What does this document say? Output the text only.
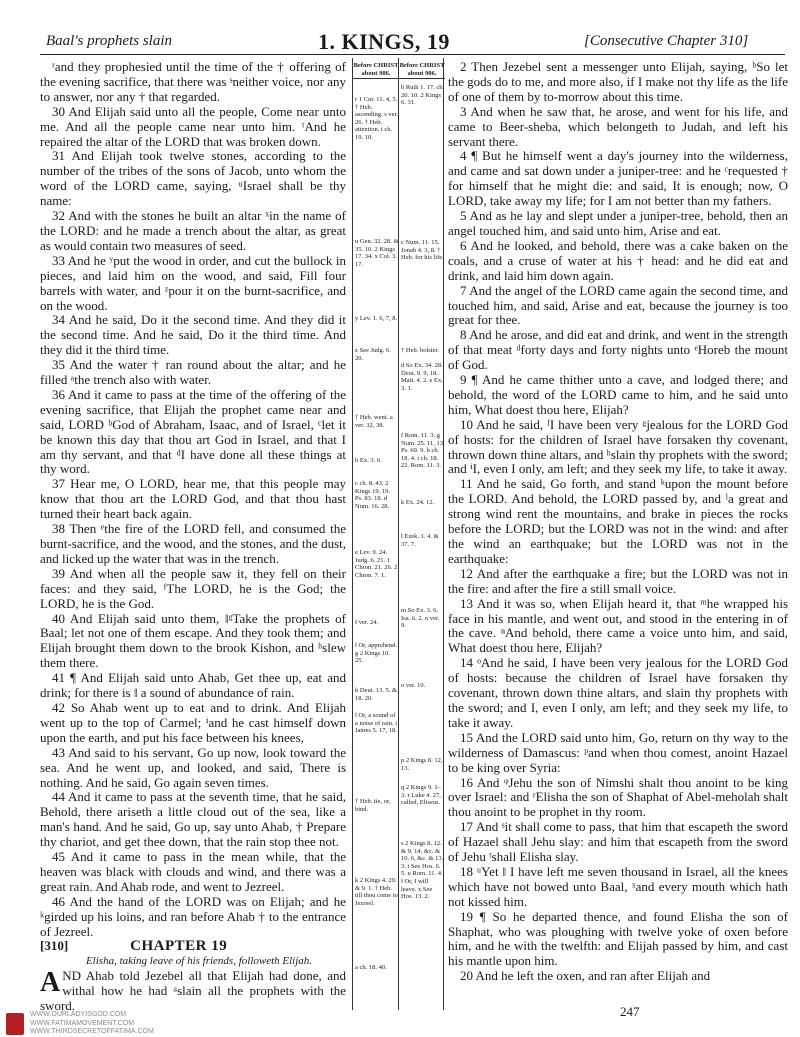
Baal's prophets slain	1. KINGS, 19	[Consecutive Chapter 310]

ʳand they prophesied until the time of the † offering of the evening sacrifice, that there was ˢneither voice, nor any to answer, nor any † that regarded.

30 And Elijah said unto all the people, Come near unto me. And all the people came near unto him. ᵗAnd he repaired the altar of the LORD that was broken down.

31 And Elijah took twelve stones, according to the number of the tribes of the sons of Jacob, unto whom the word of the LORD came, saying, ᵘIsrael shall be thy name:

32 And with the stones he built an altar ˣin the name of the LORD: and he made a trench about the altar, as great as would contain two measures of seed.

33 And he ʸput the wood in order, and cut the bullock in pieces, and laid him on the wood, and said, Fill four barrels with water, and ᶻpour it on the burnt-sacrifice, and on the wood.

34 And he said, Do it the second time. And they did it the second time. And he said, Do it the third time. And they did it the third time.

35 And the water † ran round about the altar; and he filled ᵃthe trench also with water.

36 And it came to pass at the time of the offering of the evening sacrifice, that Elijah the prophet came near and said, LORD ᵇGod of Abraham, Isaac, and of Israel, ᶜlet it be known this day that thou art God in Israel, and that I am thy servant, and that ᵈI have done all these things at thy word.

37 Hear me, O LORD, hear me, that this people may know that thou art the LORD God, and that thou hast turned their heart back again.

38 Then ᵉthe fire of the LORD fell, and consumed the burnt-sacrifice, and the wood, and the stones, and the dust, and licked up the water that was in the trench.

39 And when all the people saw it, they fell on their faces: and they said, ᶠThe LORD, he is the God; the LORD, he is the God.

40 And Elijah said unto them, ‖ᵍTake the prophets of Baal; let not one of them escape. And they took them; and Elijah brought them down to the brook Kishon, and ʰslew them there.

41 ¶ And Elijah said unto Ahab, Get thee up, eat and drink; for there is ‖ a sound of abundance of rain.

42 So Ahab went up to eat and to drink. And Elijah went up to the top of Carmel; ⁱand he cast himself down upon the earth, and put his face between his knees,

43 And said to his servant, Go up now, look toward the sea. And he went up, and looked, and said, There is nothing. And he said, Go again seven times.

44 And it came to pass at the seventh time, that he said, Behold, there ariseth a little cloud out of the sea, like a man's hand. And he said, Go up, say unto Ahab, † Prepare thy chariot, and get thee down, that the rain stop thee not.

45 And it came to pass in the mean while, that the heaven was black with clouds and wind, and there was a great rain. And Ahab rode, and went to Jezreel.

46 And the hand of the LORD was on Elijah; and he ᵏgirded up his loins, and ran before Ahab † to the entrance of Jezreel.

[310]	CHAPTER 19

Elisha, taking leave of his friends, followeth Elijah.

AND Ahab told Jezebel all that Elijah had done, and withal how he had ᵃslain all the prophets with the sword.

Before CHRIST about 906.
r 1 Cor. 11. 4, 5. † Heb. ascending. s ver. 26. † Heb. attention. t ch. 19. 10.
u Gen. 32. 28. & 35. 10. 2 Kings 17. 34. x Col. 3. 17.
y Lev. 1. 6, 7, 8.
z See Judg. 6. 20.
† Heb. went. a ver. 32, 38.
b Ex. 3. 6.
c ch. 8. 43. 2 Kings 19. 19. Ps. 83. 18. d Num. 16. 28.
e Lev. 9. 24. Judg. 6. 21. 1 Chron. 21. 26. 2 Chron. 7. 1.
f ver. 24.
‖ Or, apprehend. g 2 Kings 10. 25.
h Deut. 13. 5. & 18. 20.
‖ Or, a sound of a noise of rain. i James 5. 17, 18.
† Heb. tie, or, bind.
k 2 Kings 4. 29. & 9. 1. † Heb. till thou come to Jezreel.
a ch. 18. 40.
Before CHRIST about 906.
b Ruth 1. 17. ch. 20. 10. 2 Kings 6. 31.
c Num. 11. 15. Jonah 4. 3, 8. † Heb. for his life.
† Heb. bolster.
d So Ex. 34. 28. Deut. 9. 9, 18. Matt. 4. 2. e Ex. 3. 1.
f Rom. 11. 3. g Num. 25. 11, 13. Ps. 69. 9. h ch. 18. 4. i ch. 18. 22. Rom. 11. 3.
k Ex. 24. 12.
l Ezek. 1. 4. & 37. 7.
m So Ex. 3. 6. Isa. 6. 2. n ver. 9.
o ver. 10.
p 2 Kings 8. 12, 13.
q 2 Kings 9. 1–3. r Luke 4. 27, called, Eliseus.
s 2 Kings 8. 12. & 9. 14, &c. & 10. 6, &c. & 13. 3. t See Hos. 6. 5. u Rom. 11. 4. ‖ Or, I will leave. x See Hos. 13. 2.

2 Then Jezebel sent a messenger unto Elijah, saying, ᵇSo let the gods do to me, and more also, if I make not thy life as the life of one of them by to-morrow about this time.

3 And when he saw that, he arose, and went for his life, and came to Beer-sheba, which belongeth to Judah, and left his servant there.

4 ¶ But he himself went a day's journey into the wilderness, and came and sat down under a juniper-tree: and he ᶜrequested † for himself that he might die: and said, It is enough; now, O LORD, take away my life; for I am not better than my fathers.

5 And as he lay and slept under a juniper-tree, behold, then an angel touched him, and said unto him, Arise and eat.

6 And he looked, and behold, there was a cake baken on the coals, and a cruse of water at his † head: and he did eat and drink, and laid him down again.

7 And the angel of the LORD came again the second time, and touched him, and said, Arise and eat, because the journey is too great for thee.

8 And he arose, and did eat and drink, and went in the strength of that meat ᵈforty days and forty nights unto ᵉHoreb the mount of God.

9 ¶ And he came thither unto a cave, and lodged there; and behold, the word of the LORD came to him, and he said unto him, What doest thou here, Elijah?

10 And he said, ᶠI have been very ᵍjealous for the LORD God of hosts: for the children of Israel have forsaken thy covenant, thrown down thine altars, and ʰslain thy prophets with the sword; and ⁱI, even I only, am left; and they seek my life, to take it away.

11 And he said, Go forth, and stand ᵏupon the mount before the LORD. And behold, the LORD passed by, and ˡa great and strong wind rent the mountains, and brake in pieces the rocks before the LORD; but the LORD was not in the wind: and after the wind an earthquake; but the LORD was not in the earthquake:

12 And after the earthquake a fire; but the LORD was not in the fire: and after the fire a still small voice.

13 And it was so, when Elijah heard it, that ᵐhe wrapped his face in his mantle, and went out, and stood in the entering in of the cave. ⁿAnd behold, there came a voice unto him, and said, What doest thou here, Elijah?

14 ᵒAnd he said, I have been very jealous for the LORD God of hosts: because the children of Israel have forsaken thy covenant, thrown down thine altars, and slain thy prophets with the sword; and I, even I only, am left; and they seek my life, to take it away.

15 And the LORD said unto him, Go, return on thy way to the wilderness of Damascus: ᵖand when thou comest, anoint Hazael to be king over Syria:

16 And ᵠJehu the son of Nimshi shalt thou anoint to be king over Israel: and ʳElisha the son of Shaphat of Abel-meholah shalt thou anoint to be prophet in thy room.

17 And ˢit shall come to pass, that him that escapeth the sword of Hazael shall Jehu slay: and him that escapeth from the sword of Jehu ᵗshall Elisha slay.

18 ᵘYet ‖ I have left me seven thousand in Israel, all the knees which have not bowed unto Baal, ˣand every mouth which hath not kissed him.

19 ¶ So he departed thence, and found Elisha the son of Shaphat, who was ploughing with twelve yoke of oxen before him, and he with the twelfth: and Elijah passed by him, and cast his mantle upon him.

20 And he left the oxen, and ran after Elijah and

247
WWW.OURLADYISGOD.COM
WWW.FATIMAMOVEMENT.COM
WWW.THIRDSECRETOFFATIMA.COM
